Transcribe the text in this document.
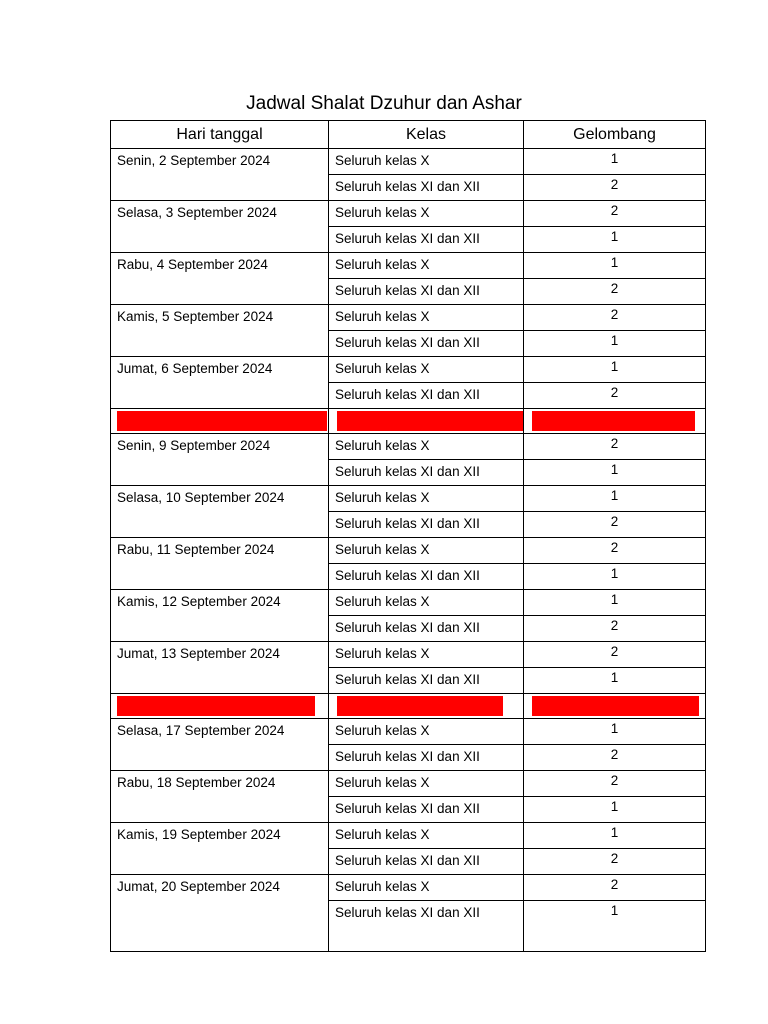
Jadwal Shalat Dzuhur dan Ashar
Hari tanggal	Kelas	Gelombang
Senin, 2 September 2024	Seluruh kelas X	1
	Seluruh kelas XI dan XII	2
Selasa, 3 September 2024	Seluruh kelas X	2
	Seluruh kelas XI dan XII	1
Rabu, 4 September 2024	Seluruh kelas X	1
	Seluruh kelas XI dan XII	2
Kamis, 5 September 2024	Seluruh kelas X	2
	Seluruh kelas XI dan XII	1
Jumat, 6 September 2024	Seluruh kelas X	1
	Seluruh kelas XI dan XII	2

Senin, 9 September 2024	Seluruh kelas X	2
	Seluruh kelas XI dan XII	1
Selasa, 10 September 2024	Seluruh kelas X	1
	Seluruh kelas XI dan XII	2
Rabu, 11 September 2024	Seluruh kelas X	2
	Seluruh kelas XI dan XII	1
Kamis, 12 September 2024	Seluruh kelas X	1
	Seluruh kelas XI dan XII	2
Jumat, 13 September 2024	Seluruh kelas X	2
	Seluruh kelas XI dan XII	1

Selasa, 17 September 2024	Seluruh kelas X	1
	Seluruh kelas XI dan XII	2
Rabu, 18 September 2024	Seluruh kelas X	2
	Seluruh kelas XI dan XII	1
Kamis, 19 September 2024	Seluruh kelas X	1
	Seluruh kelas XI dan XII	2
Jumat, 20 September 2024	Seluruh kelas X	2
	Seluruh kelas XI dan XII	1
